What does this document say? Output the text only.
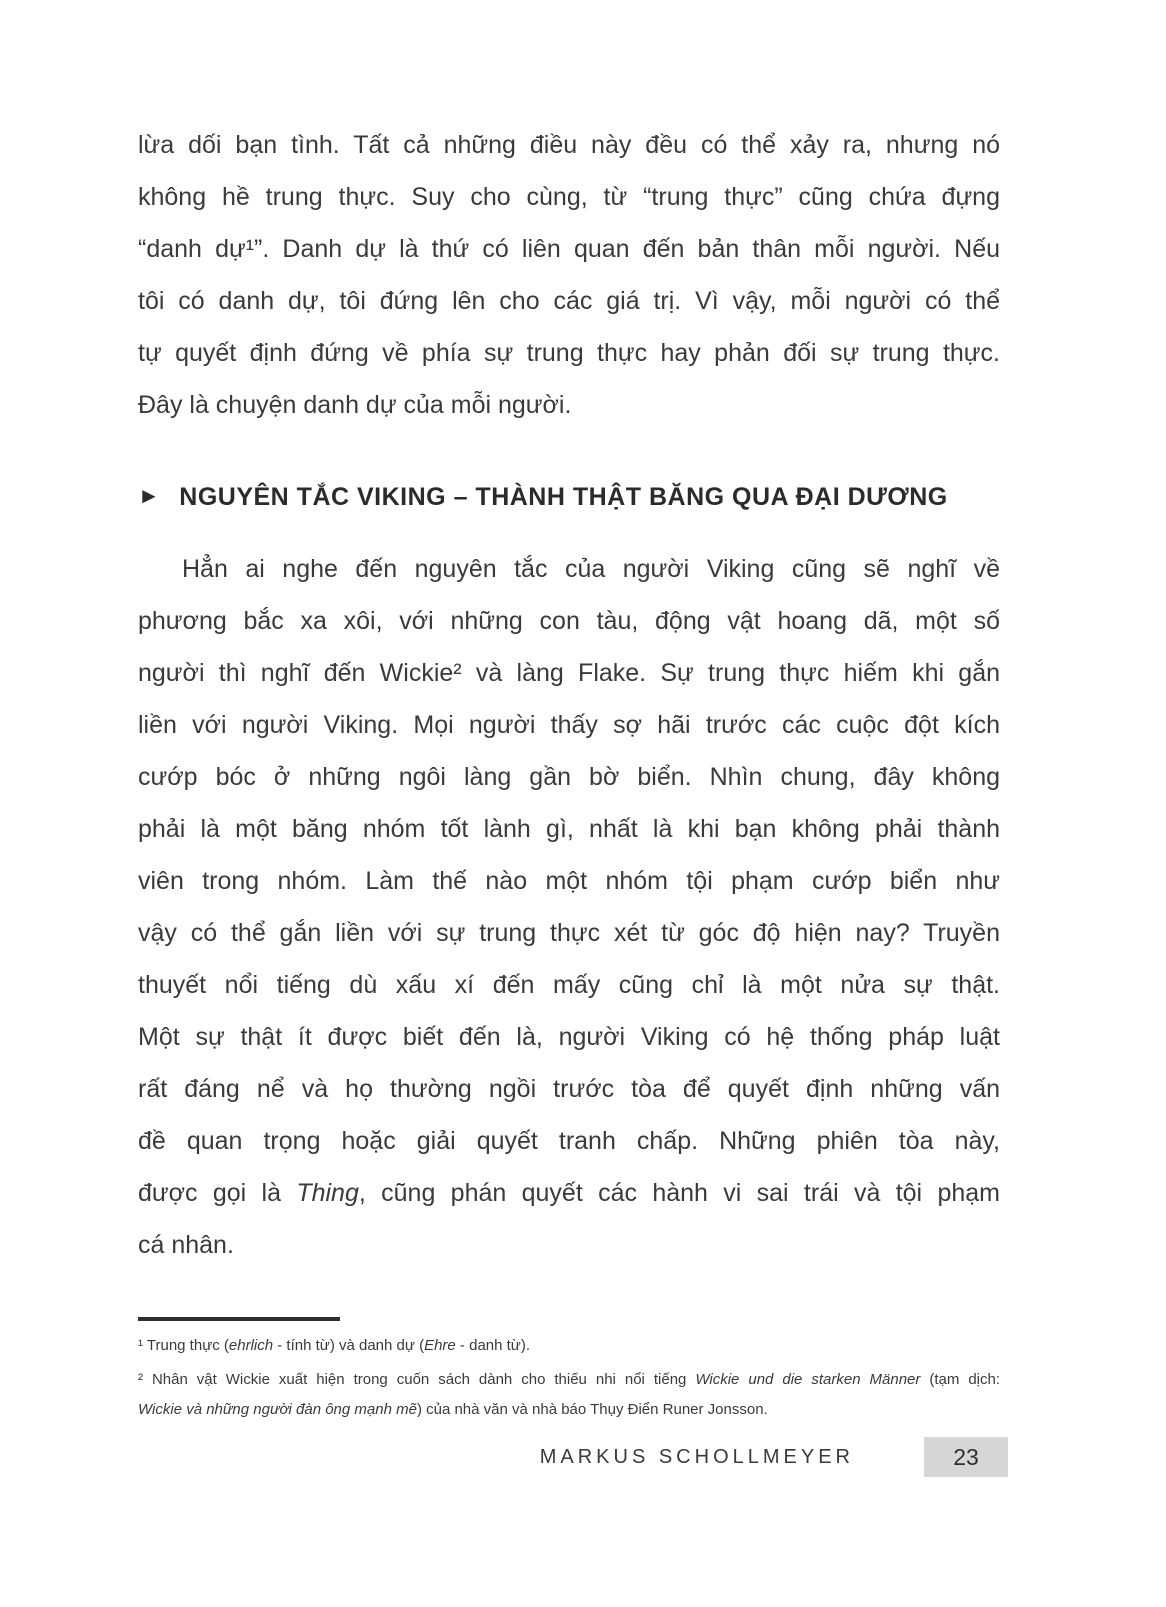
lừa dối bạn tình. Tất cả những điều này đều có thể xảy ra, nhưng nó
không hề trung thực. Suy cho cùng, từ “trung thực” cũng chứa đựng
“danh dự¹”. Danh dự là thứ có liên quan đến bản thân mỗi người. Nếu
tôi có danh dự, tôi đứng lên cho các giá trị. Vì vậy, mỗi người có thể
tự quyết định đứng về phía sự trung thực hay phản đối sự trung thực.
Đây là chuyện danh dự của mỗi người.
► NGUYÊN TẮC VIKING – THÀNH THẬT BĂNG QUA ĐẠI DƯƠNG
Hẳn ai nghe đến nguyên tắc của người Viking cũng sẽ nghĩ về
phương bắc xa xôi, với những con tàu, động vật hoang dã, một số
người thì nghĩ đến Wickie² và làng Flake. Sự trung thực hiếm khi gắn
liền với người Viking. Mọi người thấy sợ hãi trước các cuộc đột kích
cướp bóc ở những ngôi làng gần bờ biển. Nhìn chung, đây không
phải là một băng nhóm tốt lành gì, nhất là khi bạn không phải thành
viên trong nhóm. Làm thế nào một nhóm tội phạm cướp biển như
vậy có thể gắn liền với sự trung thực xét từ góc độ hiện nay? Truyền
thuyết nổi tiếng dù xấu xí đến mấy cũng chỉ là một nửa sự thật.
Một sự thật ít được biết đến là, người Viking có hệ thống pháp luật
rất đáng nể và họ thường ngồi trước tòa để quyết định những vấn
đề quan trọng hoặc giải quyết tranh chấp. Những phiên tòa này,
được gọi là Thing, cũng phán quyết các hành vi sai trái và tội phạm
cá nhân.
¹ Trung thực (ehrlich - tính từ) và danh dự (Ehre - danh từ).
² Nhân vật Wickie xuất hiện trong cuốn sách dành cho thiếu nhi nổi tiếng Wickie und die starken Männer (tạm dịch:
Wickie và những người đàn ông mạnh mẽ) của nhà văn và nhà báo Thụy Điển Runer Jonsson.
MARKUS SCHOLLMEYER	23
